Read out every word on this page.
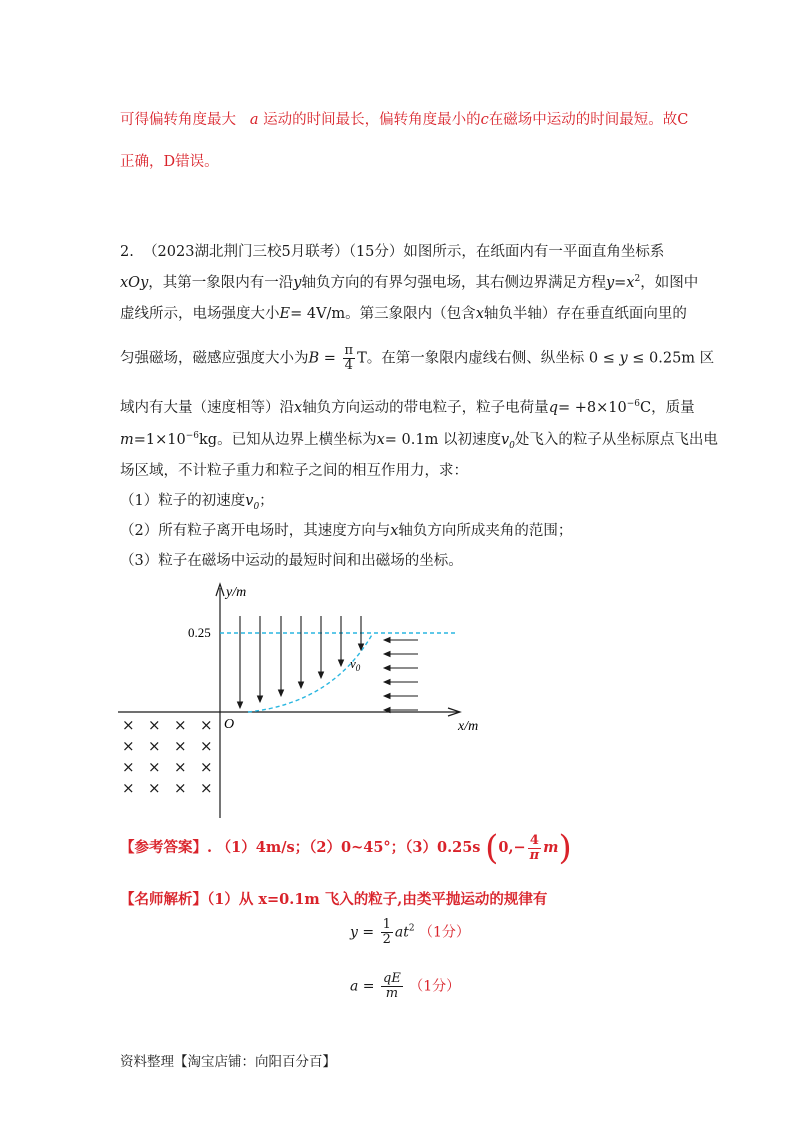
可得偏转角度最大 a 运动的时间最长，偏转角度最小的c在磁场中运动的时间最短。故C
正确，D错误。
2. （2023湖北荆门三校5月联考）（15分）如图所示，在纸面内有一平面直角坐标系
xOy，其第一象限内有一沿y轴负方向的有界匀强电场，其右侧边界满足方程$y=x^2$，如图中
虚线所示，电场强度大小E= 4V/m。第三象限内（包含x轴负半轴）存在垂直纸面向里的
匀强磁场，磁感应强度大小为$B = \frac{\pi}{4}$ T。在第一象限内虚线右侧、纵坐标 0 ≤ y ≤ 0.25m 区
域内有大量（速度相等）沿x轴负方向运动的带电粒子，粒子电荷量$q= +8\times 10^{-6}C$，质量
$m=1\times 10^{-6}kg$。已知从边界上横坐标为x= 0.1m 以初速度$v_0$处飞入的粒子从坐标原点飞出电
场区域，不计粒子重力和粒子之间的相互作用力，求：
（1）粒子的初速度$v_0$；
（2）所有粒子离开电场时，其速度方向与x轴负方向所成夹角的范围；
（3）粒子在磁场中运动的最短时间和出磁场的坐标。
y/m
x/m
O
0.25
$v_0$
× × × ×
× × × ×
× × × ×
× × × ×
【参考答案】. （1）4m/s；（2）0~45°；（3）0.25s $(0,- \frac{4}{\pi} m)$
【名师解析】（1）从 x=0.1m 飞入的粒子,由类平抛运动的规律有
$y = \frac{1}{2} at^2$ （1分）
$a = \frac{qE}{m} (1$分）
资料整理【淘宝店铺：向阳百分百】
